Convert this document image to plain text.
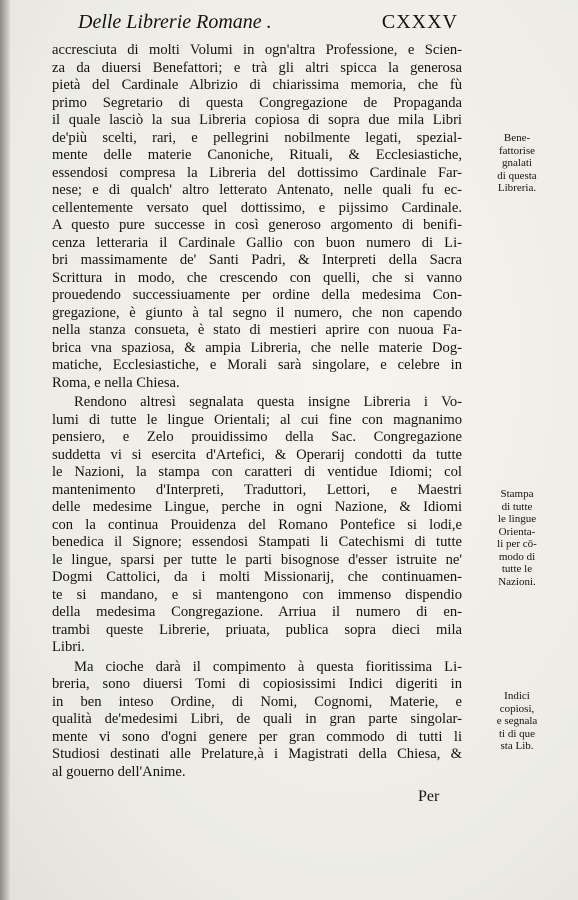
Delle Librerie Romane .	CXXXV
accresciuta di molti Volumi in ogn'altra Professione, e Scien-
za da diuersi Benefattori; e trà gli altri spicca la generosa
pietà del Cardinale Albrizio di chiarissima memoria, che fù
primo Segretario di questa Congregazione de Propaganda
il quale lasciò la sua Libreria copiosa di sopra due mila Libri
de'più scelti, rari, e pellegrini nobilmente legati, spezial-
mente delle materie Canoniche, Rituali, & Ecclesiastiche,
essendosi compresa la Libreria del dottissimo Cardinale Far-
nese; e di qualch' altro letterato Antenato, nelle quali fu ec-
cellentemente versato quel dottissimo, e pijssimo Cardinale.
A questo pure successe in così generoso argomento di benifi-
cenza letteraria il Cardinale Gallio con buon numero di Li-
bri massimamente de' Santi Padri, & Interpreti della Sacra
Scrittura in modo, che crescendo con quelli, che si vanno
prouedendo successiuamente per ordine della medesima Con-
gregazione, è giunto à tal segno il numero, che non capendo
nella stanza consueta, è stato di mestieri aprire con nuoua Fa-
brica vna spaziosa, & ampia Libreria, che nelle materie Dog-
matiche, Ecclesiastiche, e Morali sarà singolare, e celebre in
Roma, e nella Chiesa.
Rendono altresì segnalata questa insigne Libreria i Vo-
lumi di tutte le lingue Orientali; al cui fine con magnanimo
pensiero, e Zelo prouidissimo della Sac. Congregazione
suddetta vi si esercita d'Artefici, & Operarij condotti da tutte
le Nazioni, la stampa con caratteri di ventidue Idiomi; col
mantenimento d'Interpreti, Traduttori, Lettori, e Maestri
delle medesime Lingue, perche in ogni Nazione, & Idiomi
con la continua Prouidenza del Romano Pontefice si lodi,e
benedica il Signore; essendosi Stampati li Catechismi di tutte
le lingue, sparsi per tutte le parti bisognose d'esser istruite ne'
Dogmi Cattolici, da i molti Missionarij, che continuamen-
te si mandano, e si mantengono con immenso dispendio
della medesima Congregazione. Arriua il numero di en-
trambi queste Librerie, priuata, publica sopra dieci mila
Libri.
Ma cioche darà il compimento à questa fioritissima Li-
breria, sono diuersi Tomi di copiosissimi Indici digeriti in
in ben inteso Ordine, di Nomi, Cognomi, Materie, e
qualità de'medesimi Libri, de quali in gran parte singolar-
mente vi sono d'ogni genere per gran commodo di tutti li
Studiosi destinati alle Prelature,à i Magistrati della Chiesa, &
al gouerno dell'Anime.
Per
Bene-
fattorise
gnalati
di questa
Libreria.
Stampa
di tutte
le lingue
Orienta-
li per cō-
modo di
tutte le
Nazioni.
Indici
copiosi,
e segnala
ti di que
sta Lib.
